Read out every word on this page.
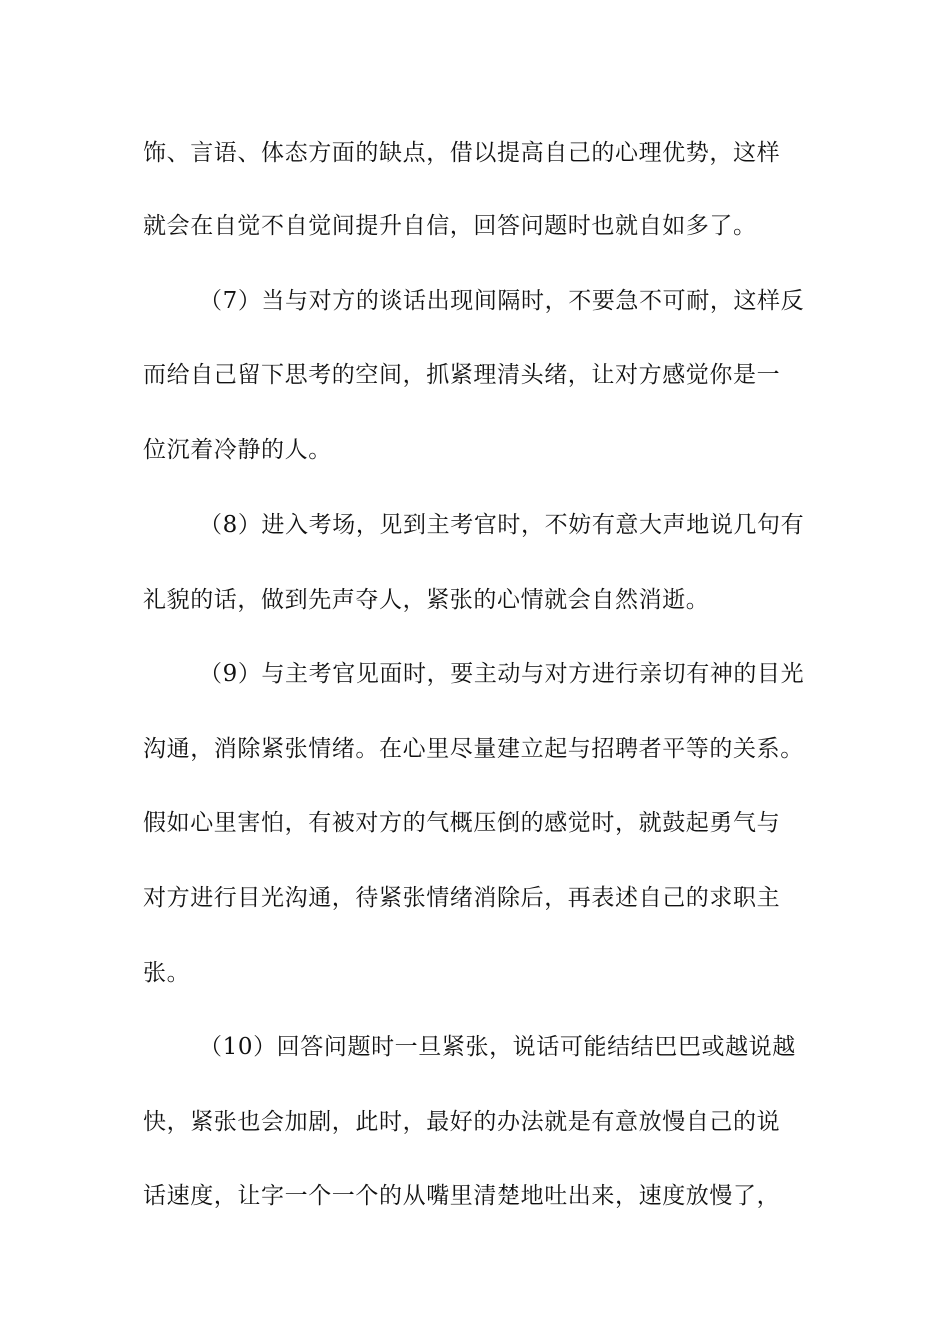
饰、言语、体态方面的缺点，借以提高自己的心理优势，这样
就会在自觉不自觉间提升自信，回答问题时也就自如多了。
（7）当与对方的谈话出现间隔时，不要急不可耐，这样反
而给自己留下思考的空间，抓紧理清头绪，让对方感觉你是一
位沉着冷静的人。
（8）进入考场，见到主考官时，不妨有意大声地说几句有
礼貌的话，做到先声夺人，紧张的心情就会自然消逝。
（9）与主考官见面时，要主动与对方进行亲切有神的目光
沟通，消除紧张情绪。在心里尽量建立起与招聘者平等的关系。
假如心里害怕，有被对方的气概压倒的感觉时，就鼓起勇气与
对方进行目光沟通，待紧张情绪消除后，再表述自己的求职主
张。
（10）回答问题时一旦紧张，说话可能结结巴巴或越说越
快，紧张也会加剧，此时，最好的办法就是有意放慢自己的说
话速度，让字一个一个的从嘴里清楚地吐出来，速度放慢了，
